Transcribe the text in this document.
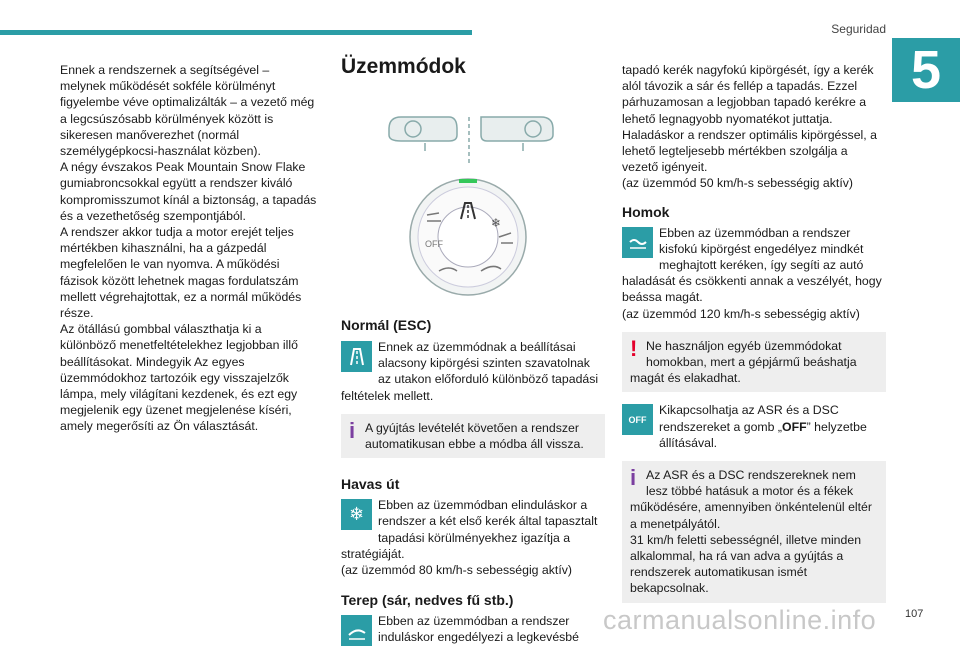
Seguridad
5

Ennek a rendszernek a segítségével – melynek működését sokféle körülményt figyelembe véve optimalizálták – a vezető még a legcsúszósabb körülmények között is sikeresen manőverezhet (normál személygépkocsi-használat közben).
A négy évszakos Peak Mountain Snow Flake gumiabroncsokkal együtt a rendszer kiváló kompromisszumot kínál a biztonság, a tapadás és a vezethetőség szempontjából.
A rendszer akkor tudja a motor erejét teljes mértékben kihasználni, ha a gázpedál megfelelően le van nyomva. A működési fázisok között lehetnek magas fordulatszám mellett végrehajtottak, ez a normál működés része.
Az ötállású gombbal választhatja ki a különböző menetfeltételekhez legjobban illő beállításokat. Mindegyik Az egyes üzemmódokhoz tartozóik egy visszajelzők lámpa, mely világítani kezdenek, és ezt egy megjelenik egy üzenet megjelenése kíséri, amely megerősíti az Ön választását.

Üzemmódok
❄
OFF
Normál (ESC)

Ennek az üzemmódnak a beállításai alacsony kipörgési szinten szavatolnak az utakon előforduló különböző tapadási feltételek mellett.

i A gyújtás levételét követően a rendszer automatikusan ebbe a módba áll vissza.
Havas út
❄	Ebben az üzemmódban elinduláskor a rendszer a két első kerék által tapasztalt tapadási körülményekhez igazítja a stratégiáját.
(az üzemmód 80 km/h-s sebességig aktív)

Terep (sár, nedves fű stb.)

Ebben az üzemmódban a rendszer induláskor engedélyezi a legkevésbé

tapadó kerék nagyfokú kipörgését, így a kerék alól távozik a sár és fellép a tapadás. Ezzel párhuzamosan a legjobban tapadó kerékre a lehető legnagyobb nyomatékot juttatja.
Haladáskor a rendszer optimális kipörgéssel, a lehető legteljesebb mértékben szolgálja a vezető igényeit.
(az üzemmód 50 km/h-s sebességig aktív)

Homok

Ebben az üzemmódban a rendszer kisfokú kipörgést engedélyez mindkét meghajtott keréken, így segíti az autó haladását és csökkenti annak a veszélyét, hogy beássa magát.
(az üzemmód 120 km/h-s sebességig aktív)

! Ne használjon egyéb üzemmódokat homokban, mert a gépjármű beáshatja magát és elakadhat.
OFF

Kikapcsolhatja az ASR és a DSC rendszereket a gomb „OFF” helyzetbe állításával.

i Az ASR és a DSC rendszereknek nem lesz többé hatásuk a motor és a fékek működésére, amennyiben önkéntelenül eltér a menetpályától.
31 km/h feletti sebességnél, illetve minden alkalommal, ha rá van adva a gyújtás a rendszerek automatikusan ismét bekapcsolnak.
carmanualsonline.info	107
